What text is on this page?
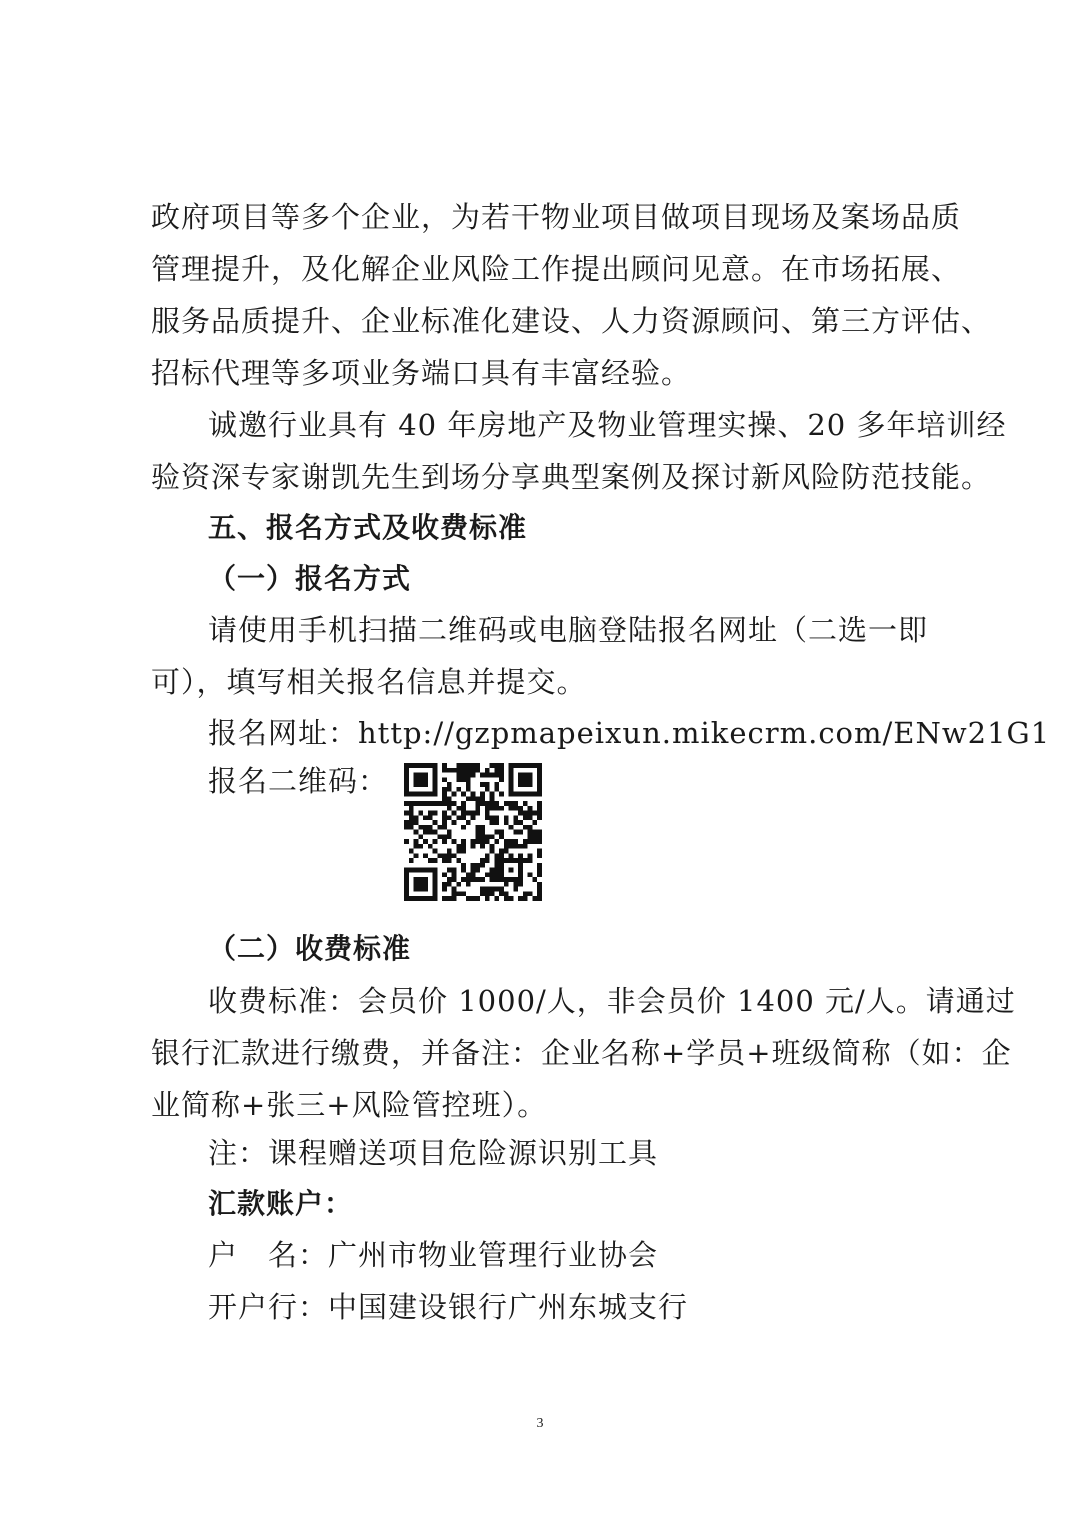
政府项目等多个企业，为若干物业项目做项目现场及案场品质
管理提升，及化解企业风险工作提出顾问见意。在市场拓展、
服务品质提升、企业标准化建设、人力资源顾问、第三方评估、
招标代理等多项业务端口具有丰富经验。
诚邀行业具有 40 年房地产及物业管理实操、20 多年培训经
验资深专家谢凯先生到场分享典型案例及探讨新风险防范技能。
五、报名方式及收费标准
（一）报名方式
请使用手机扫描二维码或电脑登陆报名网址（二选一即
可），填写相关报名信息并提交。
报名网址：http://gzpmapeixun.mikecrm.com/ENw21G1
报名二维码：
（二）收费标准
收费标准：会员价 1000/人，非会员价 1400 元/人。请通过
银行汇款进行缴费，并备注：企业名称+学员+班级简称（如：企
业简称+张三+风险管控班）。
注：课程赠送项目危险源识别工具
汇款账户：
户　名：广州市物业管理行业协会
开户行：中国建设银行广州东城支行
3
